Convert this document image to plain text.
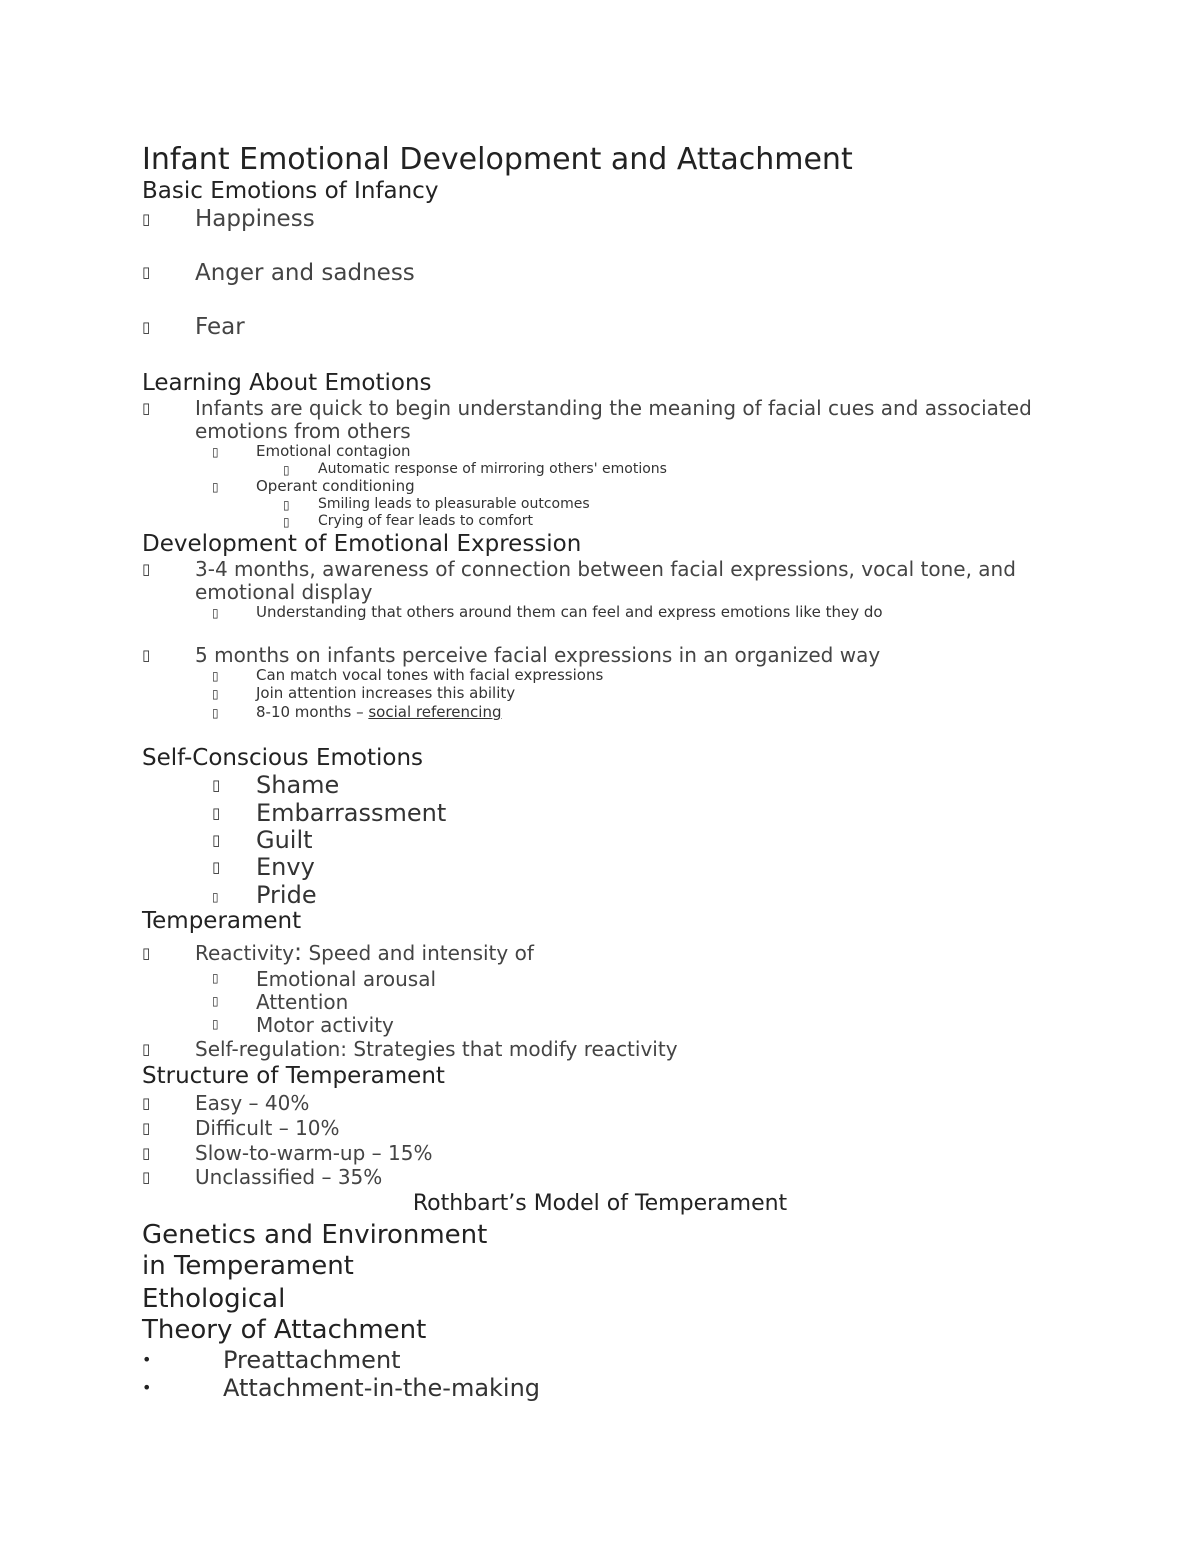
Infant Emotional Development and Attachment
Basic Emotions of Infancy
▯ Happiness
▯ Anger and sadness
▯ Fear
Learning About Emotions
▯ Infants are quick to begin understanding the meaning of facial cues and associated
emotions from others
▯ Emotional contagion
▯ Automatic response of mirroring others' emotions
▯ Operant conditioning
▯ Smiling leads to pleasurable outcomes
▯ Crying of fear leads to comfort
Development of Emotional Expression
▯ 3-4 months, awareness of connection between facial expressions, vocal tone, and
emotional display
▯ Understanding that others around them can feel and express emotions like they do
▯ 5 months on infants perceive facial expressions in an organized way
▯ Can match vocal tones with facial expressions
▯ Join attention increases this ability
▯ 8-10 months – social referencing
Self-Conscious Emotions
▯ Shame
▯ Embarrassment
▯ Guilt
▯ Envy
▯ Pride
Temperament
▯ Reactivity: Speed and intensity of
▯ Emotional arousal
▯ Attention
▯ Motor activity
▯ Self-regulation: Strategies that modify reactivity
Structure of Temperament
▯ Easy – 40%
▯ Difficult – 10%
▯ Slow-to-warm-up – 15%
▯ Unclassified – 35%
Rothbart’s Model of Temperament
Genetics and Environment
in Temperament
Ethological
Theory of Attachment
•	Preattachment
•	Attachment-in-the-making
